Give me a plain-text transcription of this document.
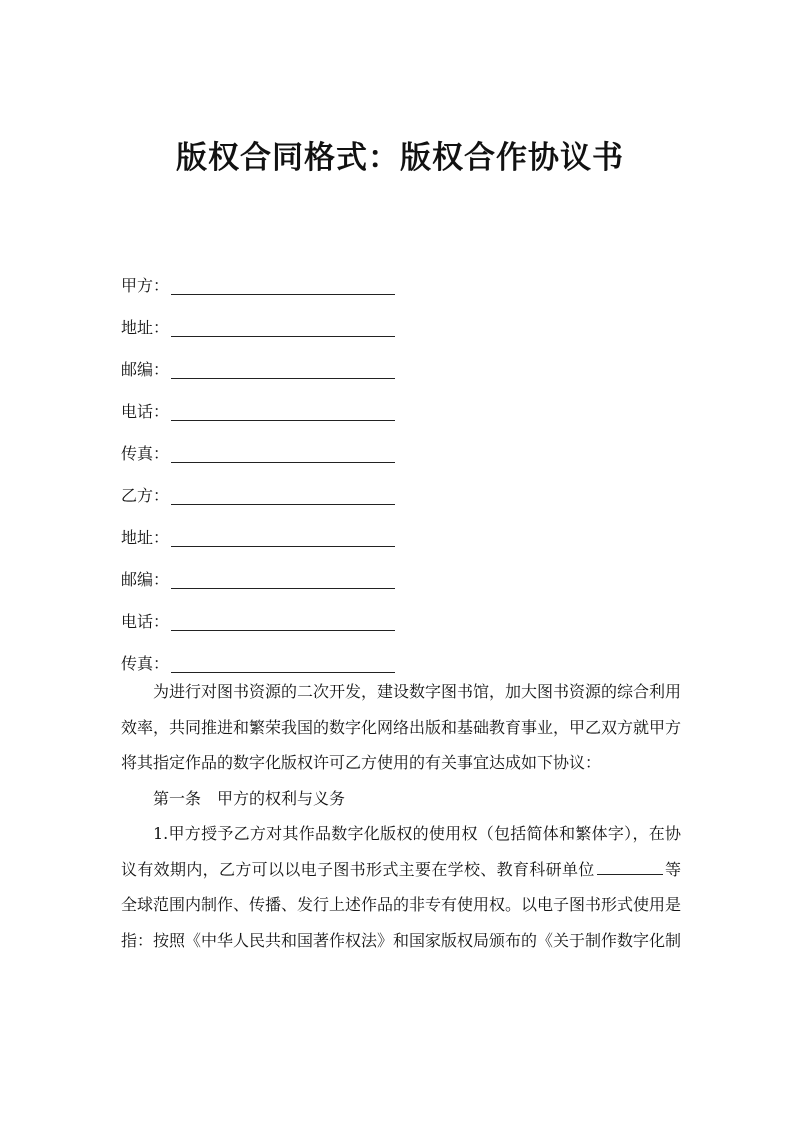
版权合同格式：版权合作协议书
甲方：
地址：
邮编：
电话：
传真：
乙方：
地址：
邮编：
电话：
传真：

为进行对图书资源的二次开发，建设数字图书馆，加大图书资源的综合利用效率，共同推进和繁荣我国的数字化网络出版和基础教育事业，甲乙双方就甲方将其指定作品的数字化版权许可乙方使用的有关事宜达成如下协议：

第一条　甲方的权利与义务

1.甲方授予乙方对其作品数字化版权的使用权（包括简体和繁体字），在协议有效期内，乙方可以以电子图书形式主要在学校、教育科研单位	等全球范围内制作、传播、发行上述作品的非专有使用权。以电子图书形式使用是指：按照《中华人民共和国著作权法》和国家版权局颁布的《关于制作数字化制
